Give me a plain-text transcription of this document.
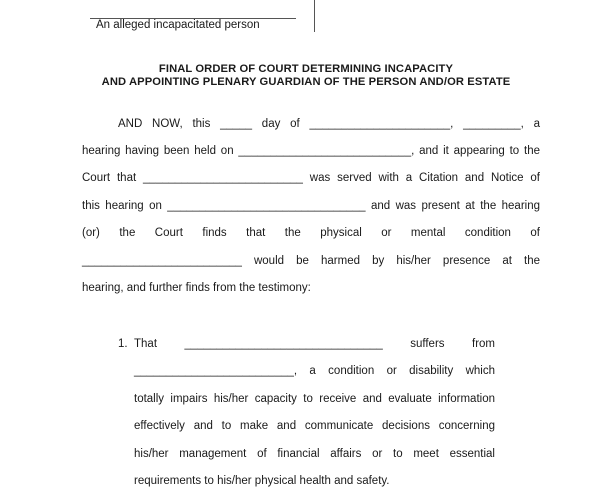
An alleged incapacitated person
FINAL ORDER OF COURT DETERMINING INCAPACITY
AND APPOINTING PLENARY GUARDIAN OF THE PERSON AND/OR ESTATE
AND NOW, this _____ day of ______________________, _________, a
hearing having been held on ___________________________, and it appearing to the
Court that _________________________ was served with a Citation and Notice of
this hearing on _______________________________ and was present at the hearing
(or) the Court finds that the physical or mental condition of
_________________________ would be harmed by his/her presence at the
hearing, and further finds from the testimony:
1. That _______________________________ suffers from
_________________________, a condition or disability which
totally impairs his/her capacity to receive and evaluate information
effectively and to make and communicate decisions concerning
his/her management of financial affairs or to meet essential
requirements to his/her physical health and safety.
